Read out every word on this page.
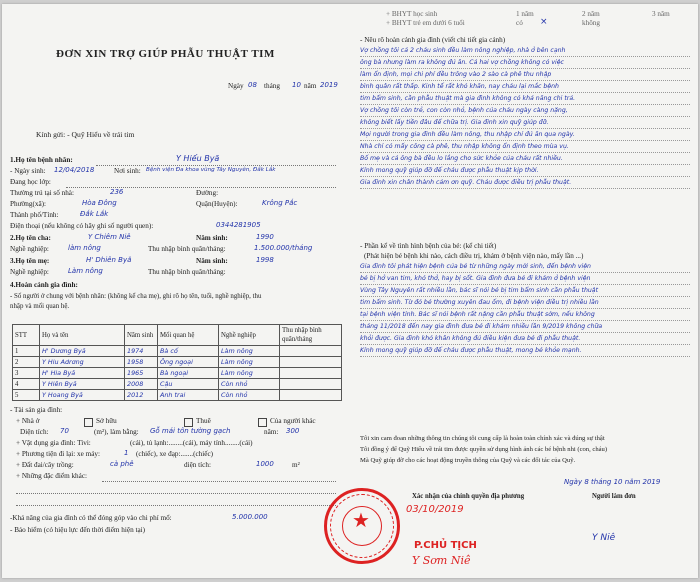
ĐƠN XIN TRỢ GIÚP PHẪU THUẬT TIM
Ngày 08 tháng 10 năm 2019
Kính gửi: - Quỹ Hiểu về trái tim
1.Họ tên bệnh nhân:	Y Hiếu Byă
- Ngày sinh: 12/04/2018	Nơi sinh: Bệnh viện Đa khoa vùng Tây Nguyên, Đắk Lắk
Đang học lớp:
Thường trú tại số nhà:	236	Đường:
Phường(xã):	Hòa Đông	Quận(Huyện):	Krông Pắc
Thành phố/Tỉnh:	Đắk Lắk
Điện thoại (nếu không có hãy ghi số người quen):	0344281905
2.Họ tên cha:	Y Chiêm Niê	Năm sinh:	1990
Nghề nghiệp:	làm nông	Thu nhập bình quân/tháng:	1.500.000/tháng
3.Họ tên mẹ:	H' Dhiên Byă	Năm sinh:	1998
Nghề nghiệp:	Làm nông	Thu nhập bình quân/tháng:
4.Hoàn cảnh gia đình:
- Số người ở chung với bệnh nhân: (không kể cha mẹ), ghi rõ họ tên, tuổi, nghề nghiệp, thu
nhập và mối quan hệ.
STT	Họ và tên	Năm sinh	Mối quan hệ	Nghề nghiệp	Thu nhập bình quân/tháng
1	H' Dương Byă	1974	Bà cố	Làm nông	
2	Y Hiu Adrơng	1958	Ông ngoại	Làm nông	
3	H' Hia Byă	1965	Bà ngoại	Làm nông	
4	Y Hiên Byă	2008	Cậu	Còn nhỏ	
5	Y Hoang Byă	2012	Anh trai	Còn nhỏ	
- Tài sản gia đình:
+ Nhà ở	Sở hữu	Thuê	Của người khác
Diện tích: 70	(m²), làm bằng: Gỗ mái tôn tường gạch	năm: 300
+ Vật dụng gia đình: Tivi:	(cái), tủ lạnh:........(cái), máy tính........(cái)
+ Phương tiện đi lại: xe máy:	1 (chiếc), xe đạp:.......(chiếc)
+ Đất đai/cây trồng:	cà phê	diện tích:	1000	m²
+ Những đặc điểm khác:
-Khả năng của gia đình có thể đóng góp vào chi phí mổ:	5.000.000
- Bảo hiểm (có hiệu lực đến thời điểm hiện tại)
+ BHYT học sinh
+ BHYT trẻ em dưới 6 tuổi
1 năm
có
2 năm
không
3 năm
×
- Nêu rõ hoàn cảnh gia đình (viết chi tiết gia cảnh)
Vợ chồng tôi cả 2 cháu sinh đều làm nông nghiệp, nhà ở bên cạnh
ông bà nhưng làm ra không đủ ăn. Cả hai vợ chồng không có việc
làm ổn định, mọi chi phí đều trông vào 2 sào cà phê thu nhập
bình quân rất thấp. Kinh tế rất khó khăn, nay cháu lại mắc bệnh
tim bẩm sinh, cần phẫu thuật mà gia đình không có khả năng chi trả.
Vợ chồng tôi còn trẻ, con còn nhỏ, bệnh của cháu ngày càng nặng,
không biết lấy tiền đâu để chữa trị. Gia đình xin quỹ giúp đỡ.
Mọi người trong gia đình đều làm nông, thu nhập chỉ đủ ăn qua ngày.
Nhà chỉ có mấy công cà phê, thu nhập không ổn định theo mùa vụ.
Bố mẹ và cả ông bà đều lo lắng cho sức khỏe của cháu rất nhiều.
Kính mong quỹ giúp đỡ để cháu được phẫu thuật kịp thời.
Gia đình xin chân thành cảm ơn quỹ. Cháu được điều trị phẫu thuật.
- Phần kể về tình hình bệnh của bé: (kể chi tiết)
(Phát hiện bé bệnh khi nào, cách điều trị, khám ở bệnh viện nào, mấy lần ...)
Gia đình tôi phát hiện bệnh của bé từ những ngày mới sinh, đến bệnh viện
bé bị hở van tim, khó thở, hay bị sốt. Gia đình đưa bé đi khám ở bệnh viện
Vùng Tây Nguyên rất nhiều lần, bác sĩ nói bé bị tim bẩm sinh cần phẫu thuật
tim bẩm sinh. Từ đó bé thường xuyên đau ốm, đi bệnh viện điều trị nhiều lần
tại bệnh viện tỉnh. Bác sĩ nói bệnh rất nặng cần phẫu thuật sớm, nếu không
tháng 11/2018 đến nay gia đình đưa bé đi khám nhiều lần 9/2019 không chữa
khỏi được. Gia đình khó khăn không đủ điều kiện đưa bé đi phẫu thuật.
Kính mong quỹ giúp đỡ để cháu được phẫu thuật, mong bé khỏe mạnh.
Tôi xin cam đoan những thông tin chúng tôi cung cấp là hoàn toàn chính xác và đúng sự thật
Tôi đồng ý để Quỹ Hiểu về trái tim được quyền sử dụng hình ảnh các bé bệnh nhi (con, cháu)
Mà Quỹ giúp đỡ cho các hoạt động truyền thông của Quỹ và các đối tác của Quỹ.
Ngày 8 tháng 10 năm 2019
Xác nhận của chính quyền địa phương	Người làm đơn
03/10/2019
P.CHỦ TỊCH
Y Sơm Niê
Y Niê
★
